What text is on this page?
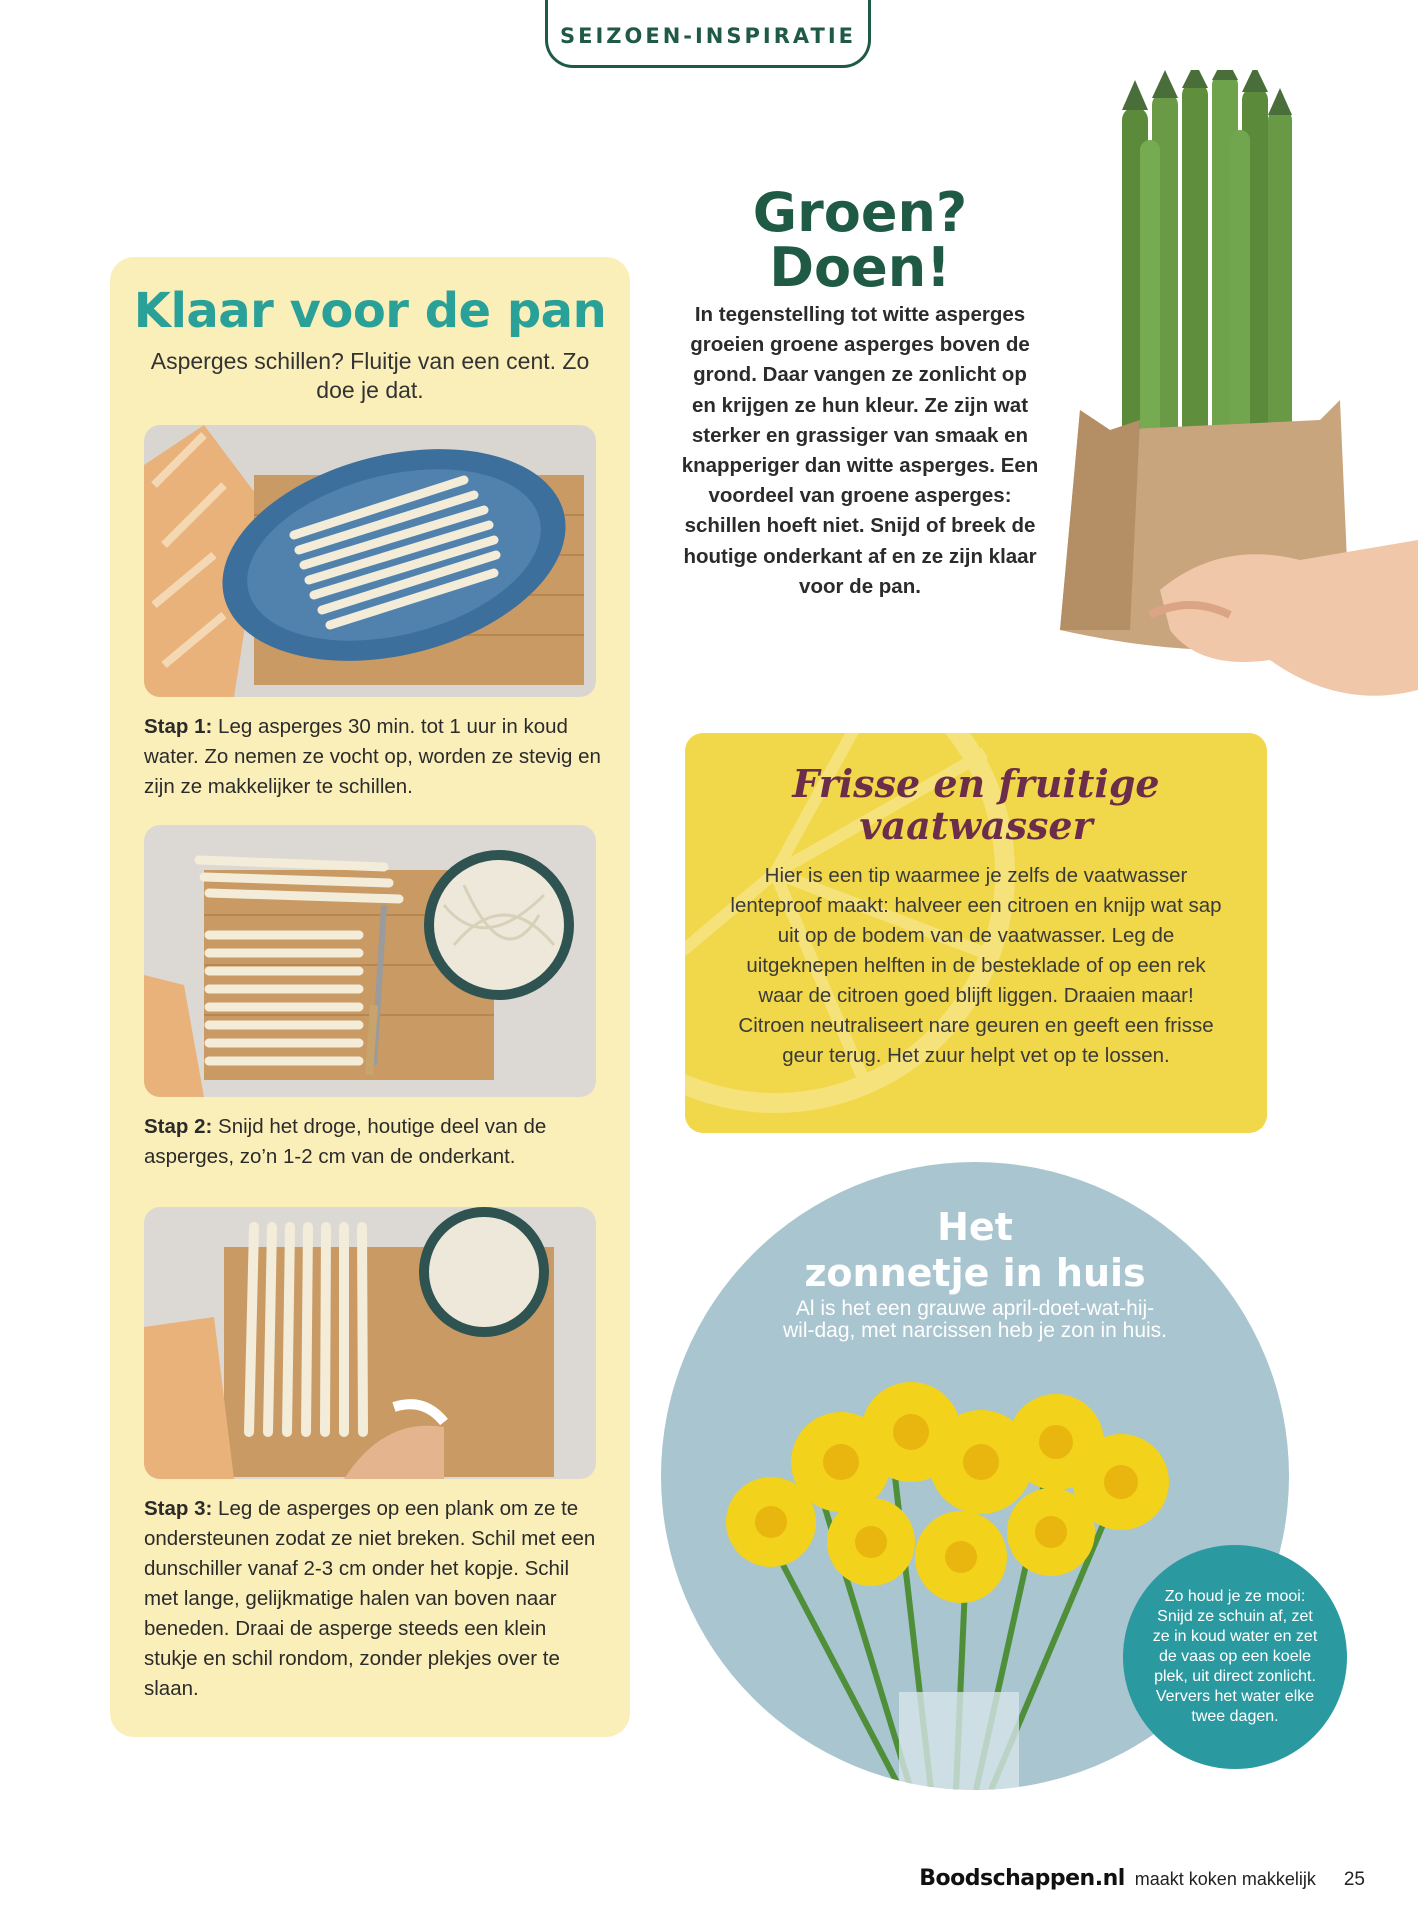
SEIZOEN-INSPIRATIE
Klaar voor de pan

Asperges schillen? Fluitje van een cent. Zo doe je dat.

Stap 1: Leg asperges 30 min. tot 1 uur in koud water. Zo nemen ze vocht op, worden ze stevig en zijn ze makkelijker te schillen.

Stap 2: Snijd het droge, houtige deel van de asperges, zo’n 1-2 cm van de onderkant.

Stap 3: Leg de asperges op een plank om ze te ondersteunen zodat ze niet breken. Schil met een dunschiller vanaf 2-3 cm onder het kopje. Schil met lange, gelijkmatige halen van boven naar beneden. Draai de asperge steeds een klein stukje en schil rondom, zonder plekjes over te slaan.

Groen?
Doen!

In tegenstelling tot witte asperges groeien groene asperges boven de grond. Daar vangen ze zonlicht op en krijgen ze hun kleur. Ze zijn wat sterker en grassiger van smaak en knapperiger dan witte asperges. Een voordeel van groene asperges: schillen hoeft niet. Snijd of breek de houtige onderkant af en ze zijn klaar voor de pan.

Frisse en fruitige
vaatwasser

Hier is een tip waarmee je zelfs de vaatwasser lenteproof maakt: halveer een citroen en knijp wat sap uit op de bodem van de vaatwasser. Leg de uitgeknepen helften in de besteklade of op een rek waar de citroen goed blijft liggen. Draaien maar! Citroen neutraliseert nare geuren en geeft een frisse geur terug. Het zuur helpt vet op te lossen.

Het
zonnetje in huis

Al is het een grauwe april-doet-wat-hij-wil-dag, met narcissen heb je zon in huis.

Zo houd je ze mooi: Snijd ze schuin af, zet ze in koud water en zet de vaas op een koele plek, uit direct zonlicht. Ververs het water elke twee dagen.

Boodschappen.nl maakt koken makkelijk 25
